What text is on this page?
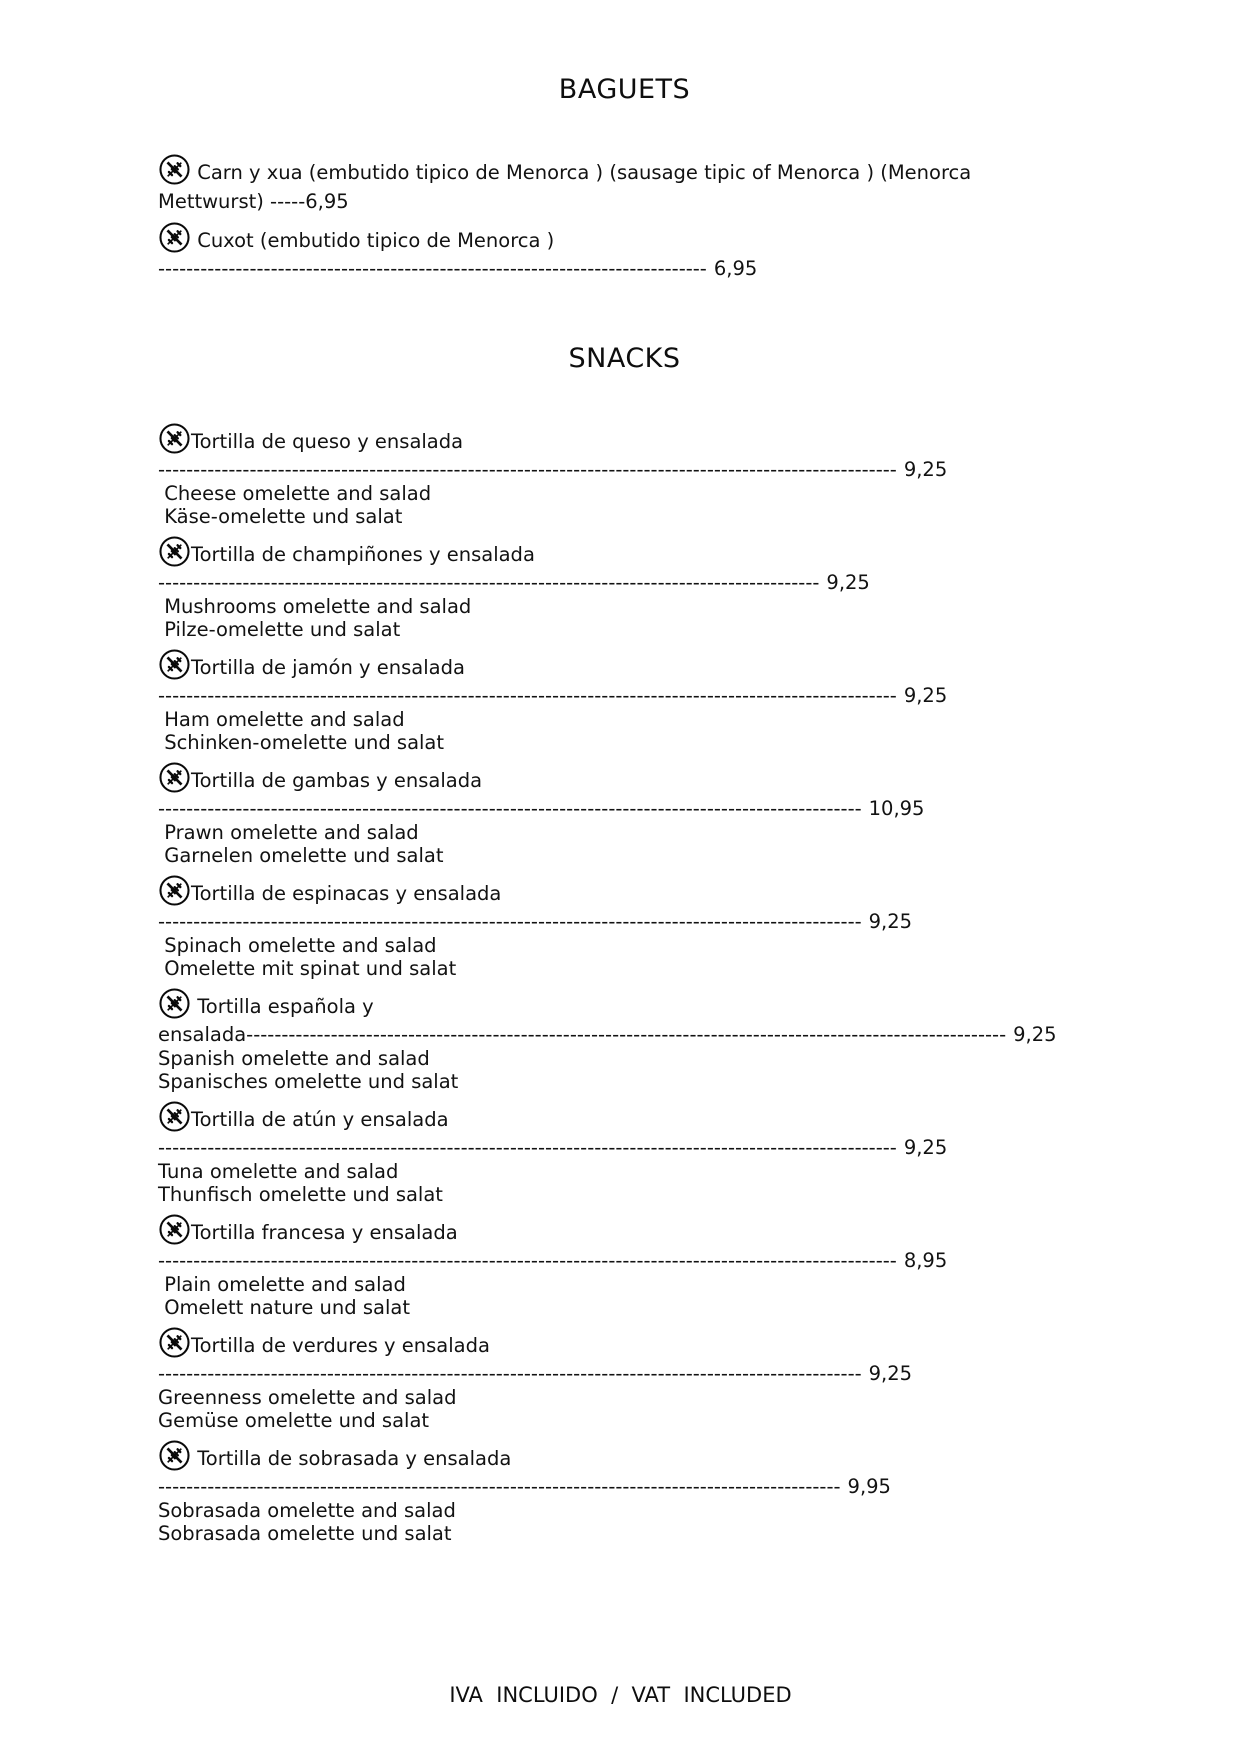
BAGUETS

Carn y xua (embutido tipico de Menorca ) (sausage tipic of Menorca ) (Menorca

Mettwurst) -----6,95

Cuxot (embutido tipico de Menorca )

------------------------------------------------------------------------------ 6,95

SNACKS

Tortilla de queso y ensalada

--------------------------------------------------------------------------------------------------------- 9,25

Cheese omelette and salad

Käse-omelette und salat

Tortilla de champiñones y ensalada

---------------------------------------------------------------------------------------------- 9,25

Mushrooms omelette and salad

Pilze-omelette und salat

Tortilla de jamón y ensalada

--------------------------------------------------------------------------------------------------------- 9,25

Ham omelette and salad

Schinken-omelette und salat

Tortilla de gambas y ensalada

---------------------------------------------------------------------------------------------------- 10,95

Prawn omelette and salad

Garnelen omelette und salat

Tortilla de espinacas y ensalada

---------------------------------------------------------------------------------------------------- 9,25

Spinach omelette and salad

Omelette mit spinat und salat

Tortilla española y

ensalada------------------------------------------------------------------------------------------------------------ 9,25

Spanish omelette and salad

Spanisches omelette und salat

Tortilla de atún y ensalada

--------------------------------------------------------------------------------------------------------- 9,25

Tuna omelette and salad

Thunfisch omelette und salat

Tortilla francesa y ensalada

--------------------------------------------------------------------------------------------------------- 8,95

Plain omelette and salad

Omelett nature und salat

Tortilla de verdures y ensalada

---------------------------------------------------------------------------------------------------- 9,25

Greenness omelette and salad

Gemüse omelette und salat

Tortilla de sobrasada y ensalada

------------------------------------------------------------------------------------------------- 9,95

Sobrasada omelette and salad

Sobrasada omelette und salat

IVA  INCLUIDO  /  VAT  INCLUDED
